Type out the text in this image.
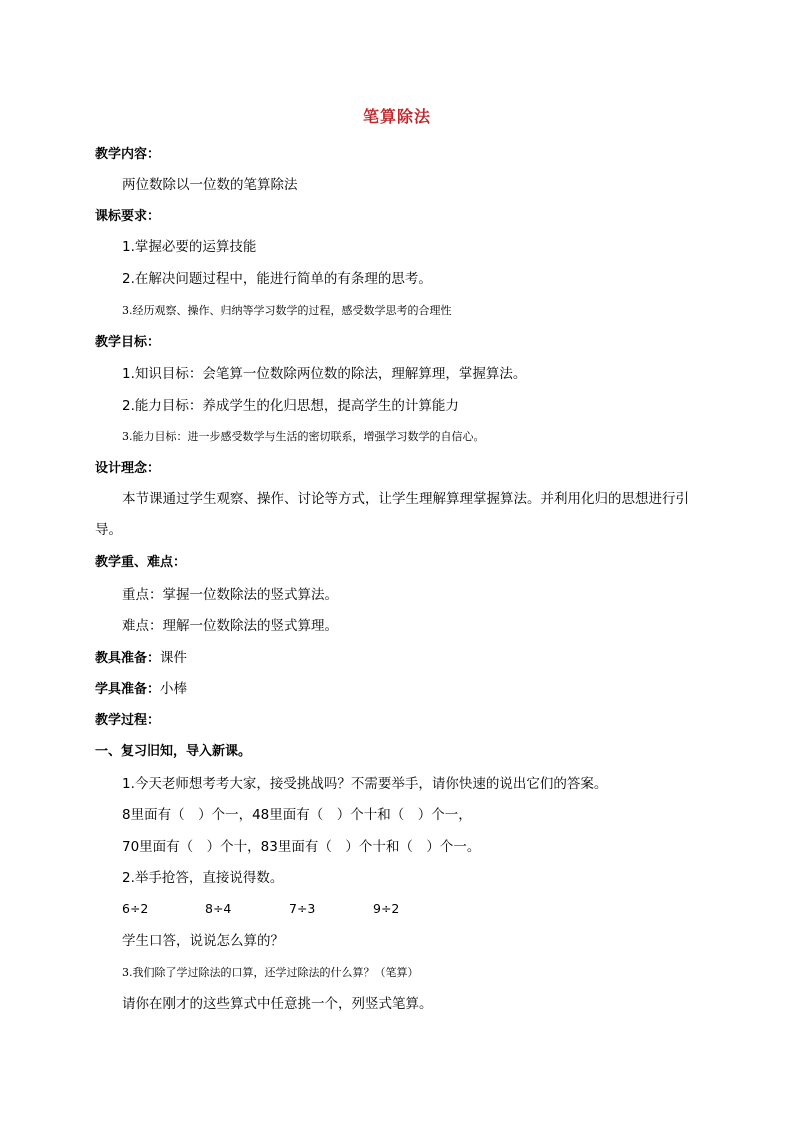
笔算除法
教学内容：
两位数除以一位数的笔算除法
课标要求：
1.掌握必要的运算技能
2.在解决问题过程中，能进行简单的有条理的思考。
3.经历观察、操作、归纳等学习数学的过程，感受数学思考的合理性
教学目标：
1.知识目标：会笔算一位数除两位数的除法，理解算理，掌握算法。
2.能力目标：养成学生的化归思想，提高学生的计算能力
3.能力目标：进一步感受数学与生活的密切联系，增强学习数学的自信心。
设计理念：
本节课通过学生观察、操作、讨论等方式，让学生理解算理掌握算法。并利用化归的思想进行引导。
教学重、难点：
重点：掌握一位数除法的竖式算法。
难点：理解一位数除法的竖式算理。
教具准备：课件
学具准备：小棒
教学过程：
一、复习旧知，导入新课。
1.今天老师想考考大家，接受挑战吗？不需要举手，请你快速的说出它们的答案。
8里面有（　）个一，48里面有（　）个十和（　）个一，
70里面有（　）个十，83里面有（　）个十和（　）个一。
2.举手抢答，直接说得数。
6÷2	8÷4	7÷3	9÷2
学生口答，说说怎么算的？
3.我们除了学过除法的口算，还学过除法的什么算？（笔算）
请你在刚才的这些算式中任意挑一个，列竖式笔算。
